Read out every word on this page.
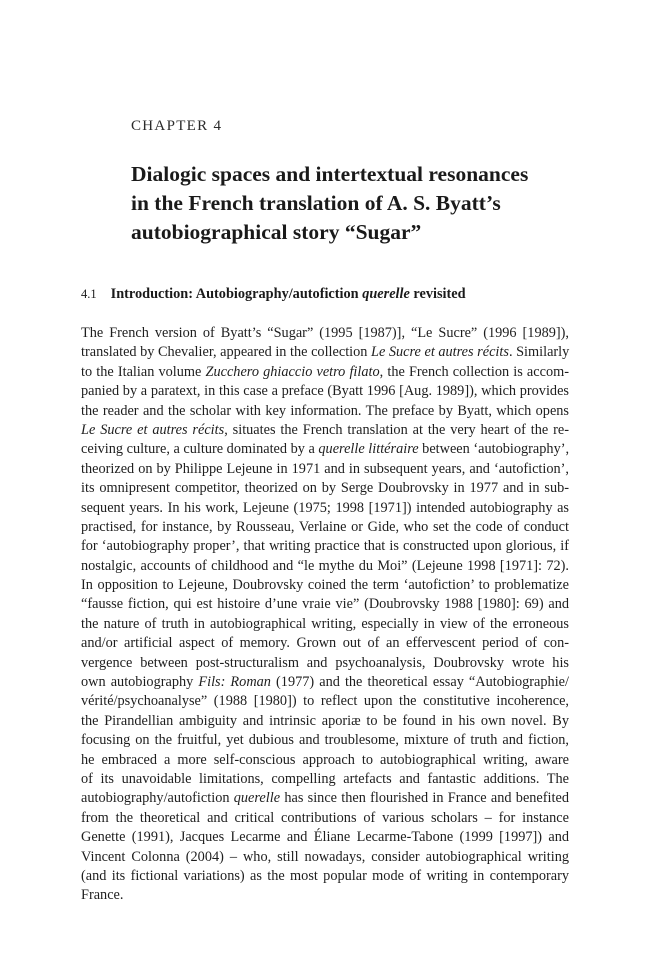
CHAPTER 4
Dialogic spaces and intertextual resonances
in the French translation of A. S. Byatt’s
autobiographical story “Sugar”
4.1 Introduction: Autobiography/autofiction querelle revisited
The French version of Byatt’s “Sugar” (1995 [1987)], “Le Sucre” (1996 [1989]),
translated by Chevalier, appeared in the collection Le Sucre et autres récits. Similarly
to the Italian volume Zucchero ghiaccio vetro filato, the French collection is accom-
panied by a paratext, in this case a preface (Byatt 1996 [Aug. 1989]), which provides
the reader and the scholar with key information. The preface by Byatt, which opens
Le Sucre et autres récits, situates the French translation at the very heart of the re-
ceiving culture, a culture dominated by a querelle littéraire between ‘autobiography’,
theorized on by Philippe Lejeune in 1971 and in subsequent years, and ‘autofiction’,
its omnipresent competitor, theorized on by Serge Doubrovsky in 1977 and in sub-
sequent years. In his work, Lejeune (1975; 1998 [1971]) intended autobiography as
practised, for instance, by Rousseau, Verlaine or Gide, who set the code of conduct
for ‘autobiography proper’, that writing practice that is constructed upon glorious, if
nostalgic, accounts of childhood and “le mythe du Moi” (Lejeune 1998 [1971]: 72).
In opposition to Lejeune, Doubrovsky coined the term ‘autofiction’ to problematize
“fausse fiction, qui est histoire d’une vraie vie” (Doubrovsky 1988 [1980]: 69) and
the nature of truth in autobiographical writing, especially in view of the erroneous
and/or artificial aspect of memory. Grown out of an effervescent period of con-
vergence between post-structuralism and psychoanalysis, Doubrovsky wrote his
own autobiography Fils: Roman (1977) and the theoretical essay “Autobiographie/
vérité/psychoanalyse” (1988 [1980]) to reflect upon the constitutive incoherence,
the Pirandellian ambiguity and intrinsic aporiæ to be found in his own novel. By
focusing on the fruitful, yet dubious and troublesome, mixture of truth and fiction,
he embraced a more self-conscious approach to autobiographical writing, aware
of its unavoidable limitations, compelling artefacts and fantastic additions. The
autobiography/autofiction querelle has since then flourished in France and benefited
from the theoretical and critical contributions of various scholars – for instance
Genette (1991), Jacques Lecarme and Éliane Lecarme-Tabone (1999 [1997]) and
Vincent Colonna (2004) – who, still nowadays, consider autobiographical writing
(and its fictional variations) as the most popular mode of writing in contemporary
France.
